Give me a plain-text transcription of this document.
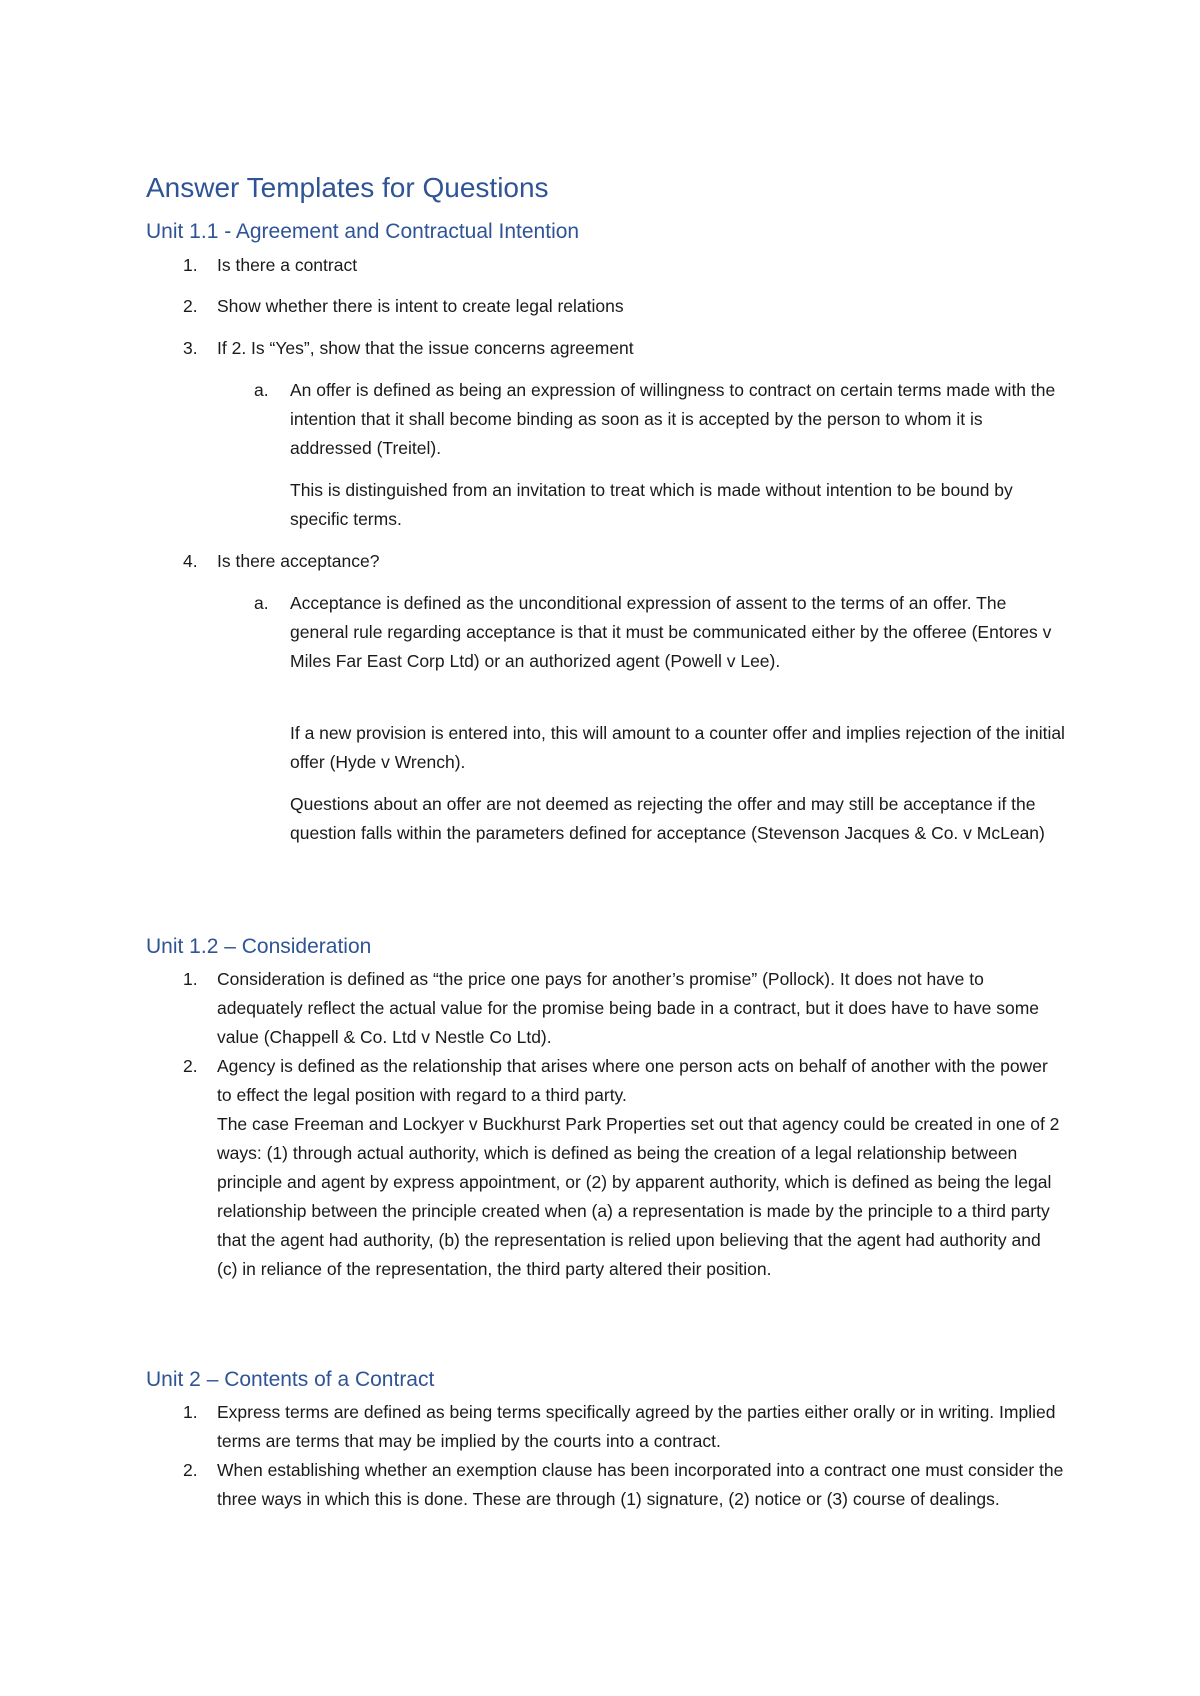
Answer Templates for Questions
Unit 1.1 - Agreement and Contractual Intention
1. Is there a contract

2. Show whether there is intent to create legal relations

3. If 2. Is “Yes”, show that the issue concerns agreement

a. An offer is defined as being an expression of willingness to contract on certain terms made with the intention that it shall become binding as soon as it is accepted by the person to whom it is addressed (Treitel).

This is distinguished from an invitation to treat which is made without intention to be bound by specific terms.

4. Is there acceptance?

a. Acceptance is defined as the unconditional expression of assent to the terms of an offer. The general rule regarding acceptance is that it must be communicated either by the offeree (Entores v Miles Far East Corp Ltd) or an authorized agent (Powell v Lee).

If a new provision is entered into, this will amount to a counter offer and implies rejection of the initial offer (Hyde v Wrench).

Questions about an offer are not deemed as rejecting the offer and may still be acceptance if the question falls within the parameters defined for acceptance (Stevenson Jacques & Co. v McLean)

Unit 1.2 – Consideration
1. Consideration is defined as “the price one pays for another’s promise” (Pollock). It does not have to adequately reflect the actual value for the promise being bade in a contract, but it does have to have some value (Chappell & Co. Ltd v Nestle Co Ltd).

2. Agency is defined as the relationship that arises where one person acts on behalf of another with the power to effect the legal position with regard to a third party.

The case Freeman and Lockyer v Buckhurst Park Properties set out that agency could be created in one of 2 ways: (1) through actual authority, which is defined as being the creation of a legal relationship between principle and agent by express appointment, or (2) by apparent authority, which is defined as being the legal relationship between the principle created when (a) a representation is made by the principle to a third party that the agent had authority, (b) the representation is relied upon believing that the agent had authority and (c) in reliance of the representation, the third party altered their position.

Unit 2 – Contents of a Contract
1. Express terms are defined as being terms specifically agreed by the parties either orally or in writing. Implied terms are terms that may be implied by the courts into a contract.

2. When establishing whether an exemption clause has been incorporated into a contract one must consider the three ways in which this is done. These are through (1) signature, (2) notice or (3) course of dealings.
